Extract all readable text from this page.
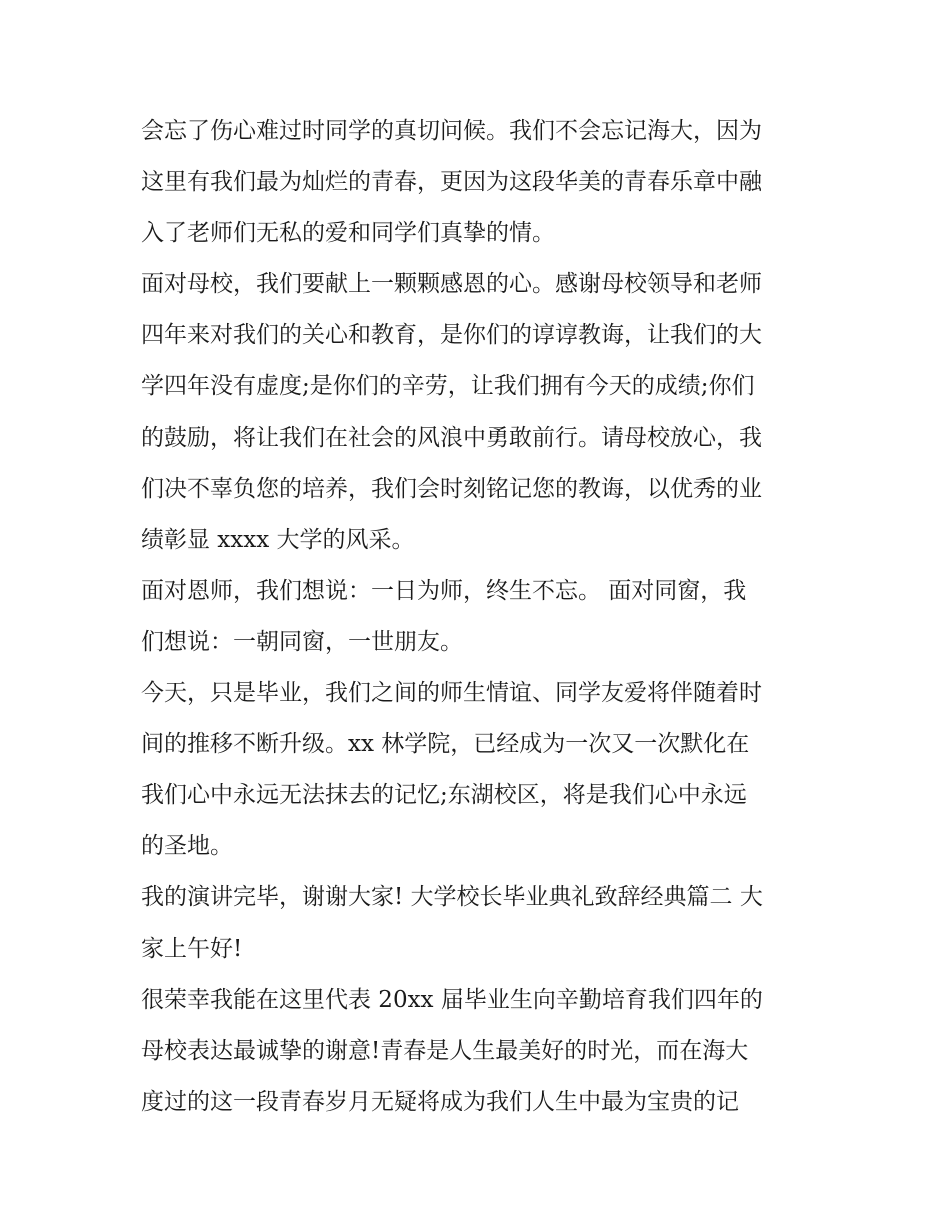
会忘了伤心难过时同学的真切问候。我们不会忘记海大，因为
这里有我们最为灿烂的青春，更因为这段华美的青春乐章中融
入了老师们无私的爱和同学们真挚的情。
面对母校，我们要献上一颗颗感恩的心。感谢母校领导和老师
四年来对我们的关心和教育，是你们的谆谆教诲，让我们的大
学四年没有虚度;是你们的辛劳，让我们拥有今天的成绩;你们
的鼓励，将让我们在社会的风浪中勇敢前行。请母校放心，我
们决不辜负您的培养，我们会时刻铭记您的教诲，以优秀的业
绩彰显 xxxx 大学的风采。
面对恩师，我们想说：一日为师，终生不忘。 面对同窗，我
们想说：一朝同窗，一世朋友。
今天，只是毕业，我们之间的师生情谊、同学友爱将伴随着时
间的推移不断升级。xx 林学院，已经成为一次又一次默化在
我们心中永远无法抹去的记忆;东湖校区，将是我们心中永远
的圣地。
我的演讲完毕，谢谢大家! 大学校长毕业典礼致辞经典篇二 大
家上午好!
很荣幸我能在这里代表 20xx 届毕业生向辛勤培育我们四年的
母校表达最诚挚的谢意!青春是人生最美好的时光，而在海大
度过的这一段青春岁月无疑将成为我们人生中最为宝贵的记
